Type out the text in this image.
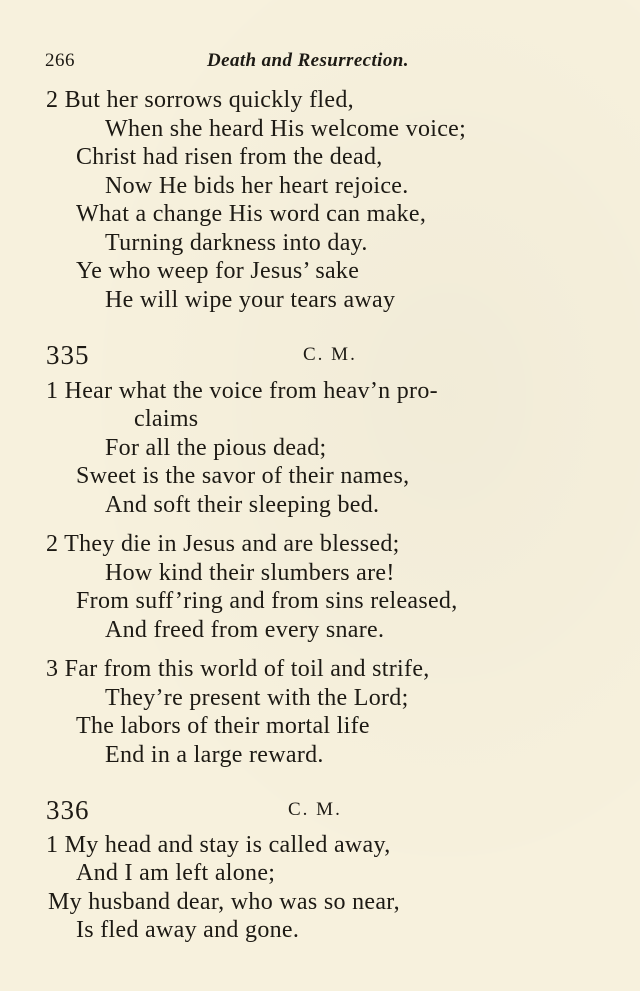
266	Death and Resurrection.
2 But her sorrows quickly fled,
When she heard His welcome voice;
Christ had risen from the dead,
Now He bids her heart rejoice.
What a change His word can make,
Turning darkness into day.
Ye who weep for Jesus’ sake
He will wipe your tears away
335	C. M.
1 Hear what the voice from heav’n pro-
claims
For all the pious dead;
Sweet is the savor of their names,
And soft their sleeping bed.
2 They die in Jesus and are blessed;
How kind their slumbers are!
From suff’ring and from sins released,
And freed from every snare.
3 Far from this world of toil and strife,
They’re present with the Lord;
The labors of their mortal life
End in a large reward.
336	C. M.
1 My head and stay is called away,
And I am left alone;
My husband dear, who was so near,
Is fled away and gone.
